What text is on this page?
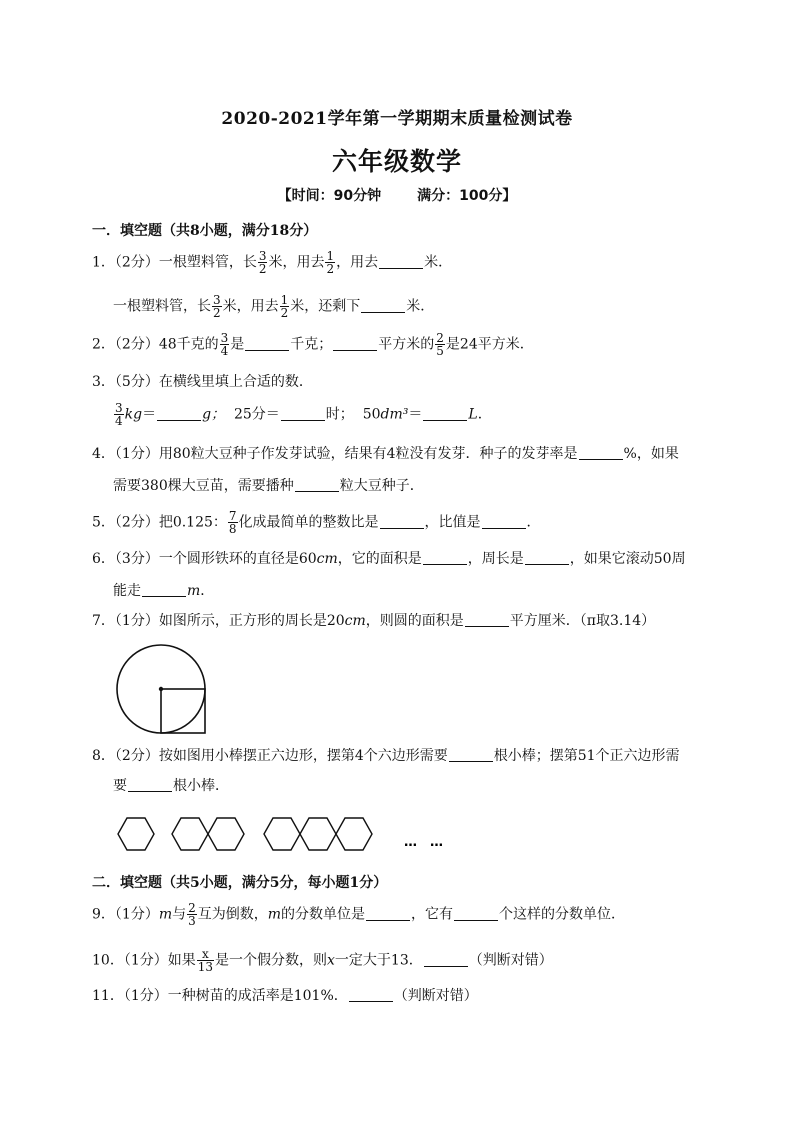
2020-2021学年第一学期期末质量检测试卷
六年级数学
【时间：90分钟	满分：100分】
一．填空题（共8小题，满分18分）
1．（2分）一根塑料管，长 $\frac{3}{2}$ 米，用去 $\frac{1}{2}$ ，用去	米．
一根塑料管，长 $\frac{3}{2}$ 米，用去 $\frac{1}{2}$ 米，还剩下	米．
2．（2分）48千克的 $\frac{3}{4}$ 是	千克；	平方米的 $\frac{2}{5}$ 是24平方米．
3．（5分）在横线里填上合适的数．
$\frac{3}{4} kg=$	g； 25分＝	时； 50dm³＝	L．
4．（1分）用80粒大豆种子作发芽试验，结果有4粒没有发芽．种子的发芽率是	%，如果
需要380棵大豆苗，需要播种	粒大豆种子．
5．（2分）把0.125： $\frac{7}{8}$ 化成最简单的整数比是	，比值是	．
6．（3分）一个圆形铁环的直径是60cm，它的面积是	，周长是	，如果它滚动50周
能走	m．
7．（1分）如图所示，正方形的周长是20cm，则圆的面积是	平方厘米．（π取3.14）
8．（2分）按如图用小棒摆正六边形，摆第4个六边形需要	根小棒；摆第51个正六边形需
要	根小棒．
…　…
二．填空题（共5小题，满分5分，每小题1分）
9．（1分）m与 $\frac{2}{3}$ 互为倒数，m的分数单位是	，它有	个这样的分数单位．
10．（1分）如果 $\frac{x}{13}$ 是一个假分数，则x一定大于13．	（判断对错）
11．（1分）一种树苗的成活率是101%．	（判断对错）
